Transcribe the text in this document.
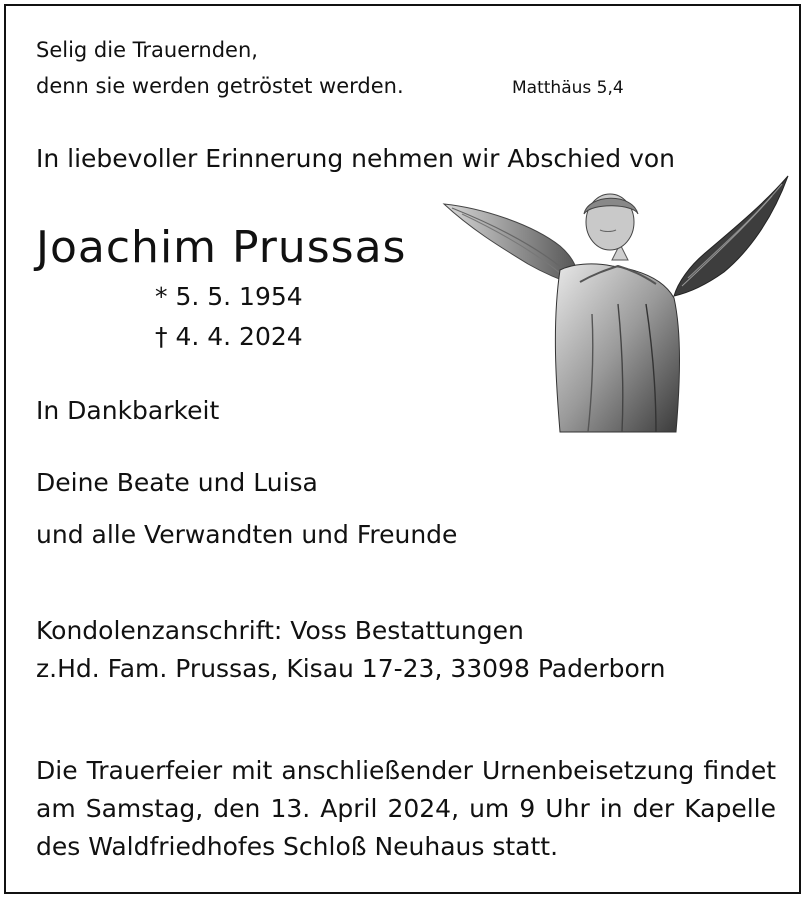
Selig die Trauernden,
denn sie werden getröstet werden.	Matthäus 5,4
In liebevoller Erinnerung nehmen wir Abschied von
Joachim Prussas
* 5. 5. 1954
† 4. 4. 2024
In Dankbarkeit
Deine Beate und Luisa
und alle Verwandten und Freunde
Kondolenzanschrift: Voss Bestattungen
z.Hd. Fam. Prussas, Kisau 17-23, 33098 Paderborn
Die Trauerfeier mit anschließender Urnenbeisetzung findet am Samstag, den 13. April 2024, um 9 Uhr in der Kapelle des Waldfriedhofes Schloß Neuhaus statt.
